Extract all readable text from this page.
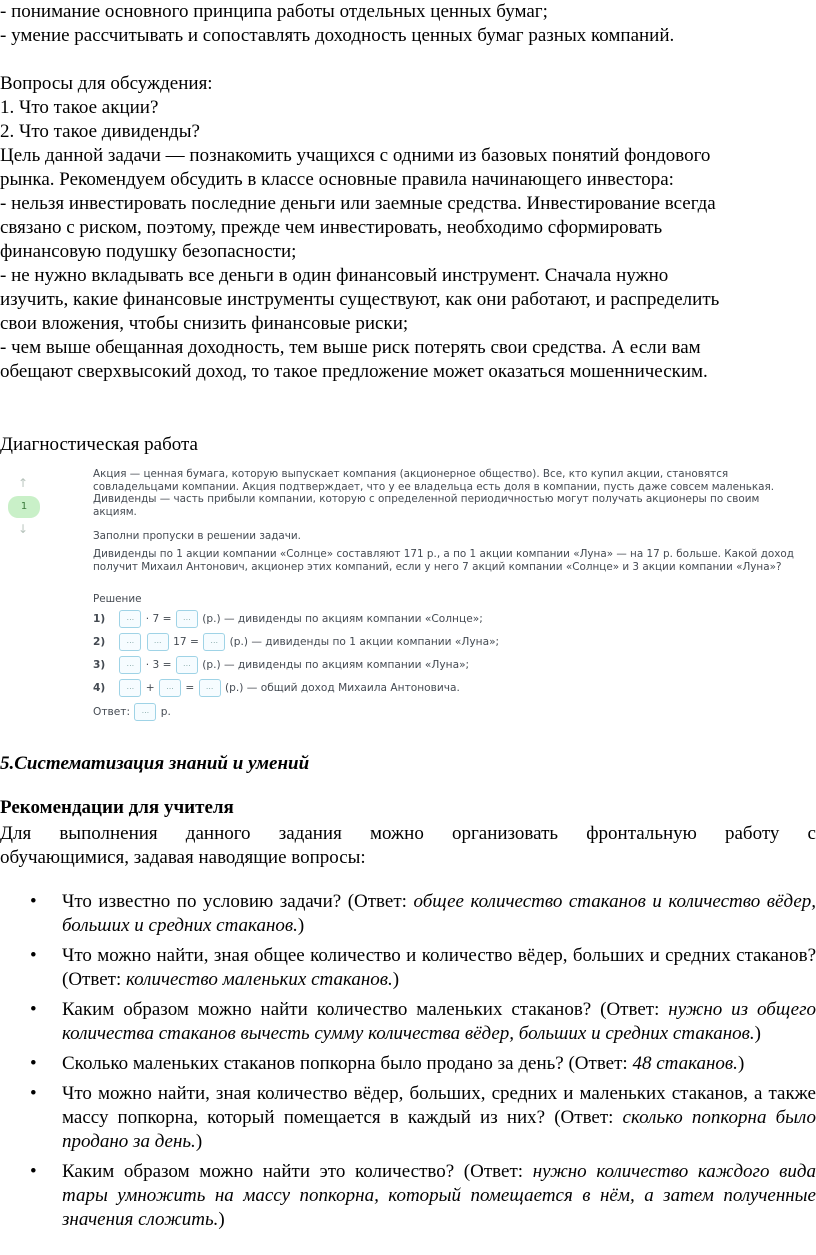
- понимание основного принципа работы отдельных ценных бумаг;

- умение рассчитывать и сопоставлять доходность ценных бумаг разных компаний.

Вопросы для обсуждения:

1. Что такое акции?

2. Что такое дивиденды?

Цель данной задачи — познакомить учащихся с одними из базовых понятий фондового

рынка. Рекомендуем обсудить в классе основные правила начинающего инвестора:

- нельзя инвестировать последние деньги или заемные средства. Инвестирование всегда

связано с риском, поэтому, прежде чем инвестировать, необходимо сформировать

финансовую подушку безопасности;

- не нужно вкладывать все деньги в один финансовый инструмент. Сначала нужно

изучить, какие финансовые инструменты существуют, как они работают, и распределить

свои вложения, чтобы снизить финансовые риски;

- чем выше обещанная доходность, тем выше риск потерять свои средства. А если вам

обещают сверхвысокий доход, то такое предложение может оказаться мошенническим.

Диагностическая работа
↑
1
↓
Акция — ценная бумага, которую выпускает компания (акционерное общество). Все, кто купил акции, становятся совладельцами компании. Акция подтверждает, что у ее владельца есть доля в компании, пусть даже совсем маленькая. Дивиденды — часть прибыли компании, которую с определенной периодичностью могут получать акционеры по своим акциям.
Заполни пропуски в решении задачи.
Дивиденды по 1 акции компании «Солнце» составляют 171 р., а по 1 акции компании «Луна» — на 17 р. больше. Какой доход получит Михаил Антонович, акционер этих компаний, если у него 7 акций компании «Солнце» и 3 акции компании «Луна»?
Решение
1)	... · 7 = ... (р.) — дивиденды по акциям компании «Солнце»;
2)	... ... 17 = ... (р.) — дивиденды по 1 акции компании «Луна»;
3)	... · 3 = ... (р.) — дивиденды по акциям компании «Луна»;
4)	... + ... = ... (р.) — общий доход Михаила Антоновича.
Ответ: ... р.
5.Систематизация знаний и умений
Рекомендации для учителя
Для выполнения данного задания можно организовать фронтальную работу с
обучающимися, задавая наводящие вопросы:
• Что известно по условию задачи? (Ответ: общее количество стаканов и количество вёдер, больших и средних стаканов.)
• Что можно найти, зная общее количество и количество вёдер, больших и средних стаканов? (Ответ: количество маленьких стаканов.)
• Каким образом можно найти количество маленьких стаканов? (Ответ: нужно из общего количества стаканов вычесть сумму количества вёдер, больших и средних стаканов.)
• Сколько маленьких стаканов попкорна было продано за день? (Ответ: 48 стаканов.)
• Что можно найти, зная количество вёдер, больших, средних и маленьких стаканов, а также массу попкорна, который помещается в каждый из них? (Ответ: сколько попкорна было продано за день.)
• Каким образом можно найти это количество? (Ответ: нужно количество каждого вида тары умножить на массу попкорна, который помещается в нём, а затем полученные значения сложить.)
